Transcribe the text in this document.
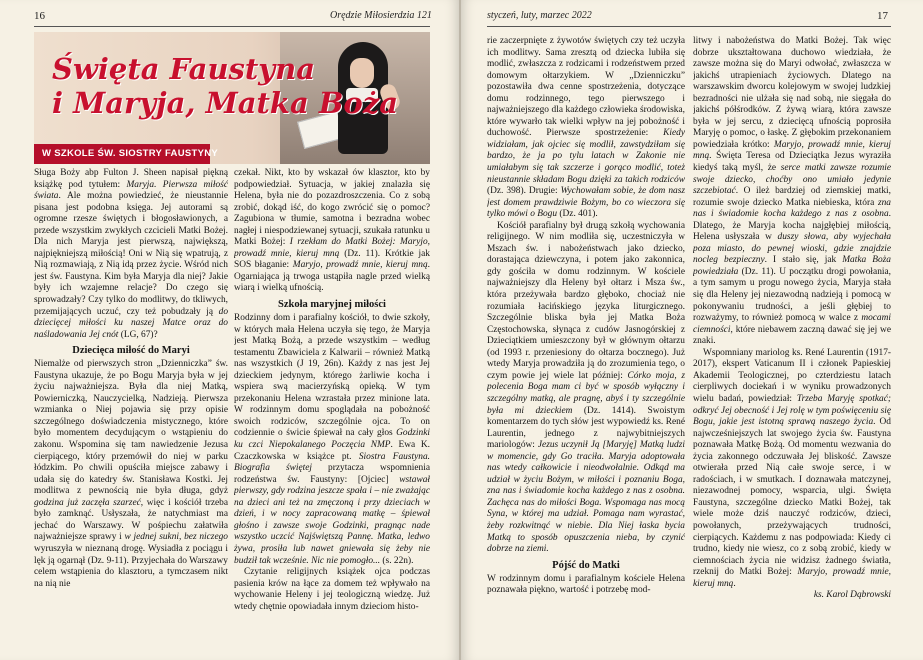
16	Orędzie Miłosierdzia 121
Święta Faustyna
i Maryja, Matka Boża
W SZKOLE ŚW. SIOSTRY FAUSTYNY

Sługa Boży abp Fulton J. Sheen napisał piękną książkę pod tytułem: Maryja. Pierwsza miłość świata. Ale można powiedzieć, że nieustannie pisana jest podobna księga. Jej autorami są ogromne rzesze świętych i błogosławionych, a przede wszystkim zwykłych czcicieli Matki Bożej. Dla nich Maryja jest pierwszą, największą, najpiękniejszą miłością! Oni w Nią się wpatrują, z Nią rozmawiają, z Nią idą przez życie. Wśród nich jest św. Faustyna. Kim była Maryja dla niej? Jakie były ich wzajemne relacje? Do czego się sprowadzały? Czy tylko do modlitwy, do tkliwych, przemijających uczuć, czy też pobudzały ją do dziecięcej miłości ku naszej Matce oraz do naśladowania Jej cnót (LG, 67)?

Dziecięca miłość do Maryi

Niemalże od pierwszych stron „Dzienniczka” św. Faustyna ukazuje, że po Bogu Maryja była w jej życiu najważniejsza. Była dla niej Matką, Powierniczką, Nauczycielką, Nadzieją. Pierwsza wzmianka o Niej pojawia się przy opisie szczególnego doświadczenia mistycznego, które było momentem decydującym o wstąpieniu do zakonu. Wspomina się tam nawiedzenie Jezusa cierpiącego, który przemówił do niej w parku łódzkim. Po chwili opuściła miejsce zabawy i udała się do katedry św. Stanisława Kostki. Jej modlitwa z pewnością nie była długa, gdyż godzina już zaczęła szarzeć, więc i kościół trzeba było zamknąć. Usłyszała, że natychmiast ma jechać do Warszawy. W pośpiechu załatwiła najważniejsze sprawy i w jednej sukni, bez niczego wyruszyła w nieznaną drogę. Wysiadła z pociągu i lęk ją ogarnął (Dz. 9-11). Przyjechała do Warszawy celem wstąpienia do klasztoru, a tymczasem nikt na nią nie

czekał. Nikt, kto by wskazał ów klasztor, kto by podpowiedział. Sytuacja, w jakiej znalazła się Helena, była nie do pozazdroszczenia. Co z sobą zrobić, dokąd iść, do kogo zwrócić się o pomoc? Zagubiona w tłumie, samotna i bezradna wobec nagłej i niespodziewanej sytuacji, szukała ratunku u Matki Bożej: I rzekłam do Matki Bożej: Maryjo, prowadź mnie, kieruj mną (Dz. 11). Krótkie jak SOS błaganie: Maryjo, prowadź mnie, kieruj mną. Ogarniająca ją trwoga ustąpiła nagle przed wielką wiarą i wielką ufnością.

Szkoła maryjnej miłości

Rodzinny dom i parafialny kościół, to dwie szkoły, w których mała Helena uczyła się tego, że Maryja jest Matką Bożą, a przede wszystkim – według testamentu Zbawiciela z Kalwarii – również Matką nas wszystkich (J 19, 26n). Każdy z nas jest Jej dzieckiem jedynym, którego żarliwie kocha i wspiera swą macierzyńską opieką. W tym przekonaniu Helena wzrastała przez minione lata. W rodzinnym domu spoglądała na pobożność swoich rodziców, szczególnie ojca. To on codziennie o świcie śpiewał na cały głos Godzinki ku czci Niepokalanego Poczęcia NMP. Ewa K. Czaczkowska w książce pt. Siostra Faustyna. Biografia świętej przytacza wspomnienia rodzeństwa św. Faustyny: [Ojciec] wstawał pierwszy, gdy rodzina jeszcze spała i – nie zważając na dzieci ani też na zmęczoną i przy dzieciach w dzień, i w nocy zapracowaną matkę – śpiewał głośno i zawsze swoje Godzinki, pragnąc nade wszystko uczcić Najświętszą Pannę. Matka, ledwo żywa, prosiła lub nawet gniewała się żeby nie budził tak wcześnie. Nic nie pomogło... (s. 22n).

Czytanie religijnych książek ojca podczas pasienia krów na łące za domem też wpływało na wychowanie Heleny i jej teologiczną wiedzę. Już wtedy chętnie opowiadała innym dzieciom histo-

styczeń, luty, marzec 2022	17

rie zaczerpnięte z żywotów świętych czy też uczyła ich modlitwy. Sama zresztą od dziecka lubiła się modlić, zwłaszcza z rodzicami i rodzeństwem przed domowym ołtarzykiem. W „Dzienniczku” pozostawiła dwa cenne spostrzeżenia, dotyczące domu rodzinnego, tego pierwszego i najważniejszego dla każdego człowieka środowiska, które wywarło tak wielki wpływ na jej pobożność i duchowość. Pierwsze spostrzeżenie: Kiedy widziałam, jak ojciec się modlił, zawstydziłam się bardzo, że ja po tylu latach w Zakonie nie umiałabym się tak szczerze i gorąco modlić, toteż nieustannie składam Bogu dzięki za takich rodziców (Dz. 398). Drugie: Wychowałam sobie, że dom nasz jest domem prawdziwie Bożym, bo co wieczora się tylko mówi o Bogu (Dz. 401).

Kościół parafialny był drugą szkołą wychowania religijnego. W nim modliła się, uczestniczyła w Mszach św. i nabożeństwach jako dziecko, dorastająca dziewczyna, i potem jako zakonnica, gdy gościła w domu rodzinnym. W kościele najważniejszy dla Heleny był ołtarz i Msza św., która przeżywała bardzo głęboko, chociaż nie rozumiała łacińskiego języka liturgicznego. Szczególnie bliska była jej Matka Boża Częstochowska, słynąca z cudów Jasnogórskiej z Dzieciątkiem umieszczony był w głównym ołtarzu (od 1993 r. przeniesiony do ołtarza bocznego). Już wtedy Maryja prowadziła ją do zrozumienia tego, o czym powie jej wiele lat później: Córko moja, z polecenia Boga mam ci być w sposób wyłączny i szczególny matką, ale pragnę, abyś i ty szczególnie była mi dzieckiem (Dz. 1414). Swoistym komentarzem do tych słów jest wypowiedź ks. René Laurentin, jednego z najwybitniejszych mariologów: Jezus uczynił Ją [Maryję] Matką ludzi w momencie, gdy Go traciła. Maryja adoptowała nas wtedy całkowicie i nieodwołalnie. Odkąd ma udział w życiu Bożym, w miłości i poznaniu Boga, zna nas i świadomie kocha każdego z nas z osobna. Zachęca nas do miłości Boga. Wspomaga nas mocą Syna, w której ma udział. Pomaga nam wyrastać, żeby rozkwitnąć w niebie. Dla Niej łaska bycia Matką to sposób opuszczenia nieba, by czynić dobrze na ziemi.

Pójść do Matki

W rodzinnym domu i parafialnym kościele Helena poznawała piękno, wartość i potrzebę mod-

litwy i nabożeństwa do Matki Bożej. Tak więc dobrze ukształtowana duchowo wiedziała, że zawsze można się do Maryi odwołać, zwłaszcza w jakichś utrapieniach życiowych. Dlatego na warszawskim dworcu kolejowym w swojej ludzkiej bezradności nie ulżała się nad sobą, nie sięgała do jakichś półśrodków. Z żywą wiarą, która zawsze była w jej sercu, z dziecięcą ufnością poprosiła Maryję o pomoc, o łaskę. Z głębokim przekonaniem powiedziała krótko: Maryjo, prowadź mnie, kieruj mną. Święta Teresa od Dzieciątka Jezus wyraziła kiedyś taką myśl, że serce matki zawsze rozumie swoje dziecko, choćby ono umiało jedynie szczebiotać. O ileż bardziej od ziemskiej matki, rozumie swoje dziecko Matka niebieska, która zna nas i świadomie kocha każdego z nas z osobna. Dlatego, że Maryja kocha najgłębiej miłością, Helena usłyszała w duszy słowa, aby wyjechała poza miasto, do pewnej wioski, gdzie znajdzie nocleg bezpieczny. I stało się, jak Matka Boża powiedziała (Dz. 11). U początku drogi powołania, a tym samym u progu nowego życia, Maryja stała się dla Heleny jej niezawodną nadzieją i pomocą w pokonywaniu trudności, a jeśli głębiej to rozważymy, to również pomocą w walce z mocami ciemności, które niebawem zaczną dawać się jej we znaki.

Wspomniany mariolog ks. René Laurentin (1917-2017), ekspert Vaticanum II i członek Papieskiej Akademii Teologicznej, po czterdziestu latach cierpliwych dociekań i w wyniku prowadzonych wielu badań, powiedział: Trzeba Maryję spotkać; odkryć Jej obecność i Jej rolę w tym poświęceniu się Bogu, jakie jest istotną sprawą naszego życia. Od najwcześniejszych lat swojego życia św. Faustyna poznawała Matkę Bożą. Od momentu wezwania do życia zakonnego odczuwała Jej bliskość. Zawsze otwierała przed Nią całe swoje serce, i w radościach, i w smutkach. I doznawała matczynej, niezawodnej pomocy, wsparcia, ulgi. Święta Faustyna, szczególne dziecko Matki Bożej, tak wiele może dziś nauczyć rodziców, dzieci, powołanych, przeżywających trudności, cierpiących. Każdemu z nas podpowiada: Kiedy ci trudno, kiedy nie wiesz, co z sobą zrobić, kiedy w ciemnościach życia nie widzisz żadnego światła, rzeknij do Matki Bożej: Maryjo, prowadź mnie, kieruj mną.

ks. Karol Dąbrowski
